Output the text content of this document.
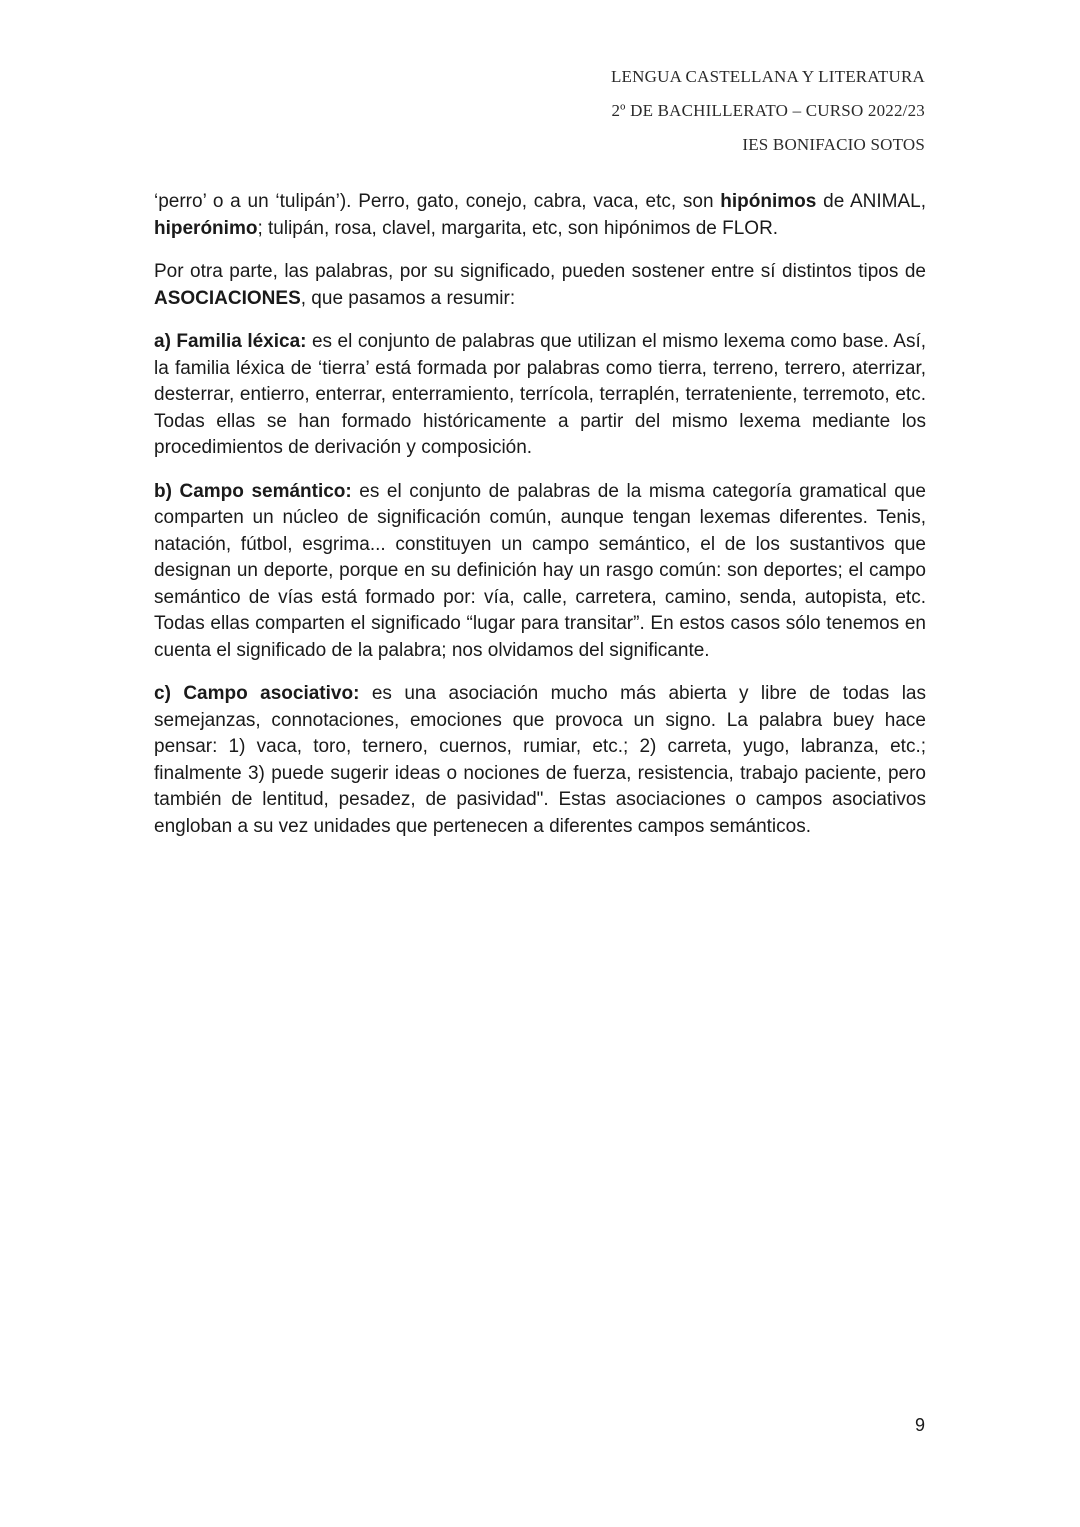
LENGUA CASTELLANA Y LITERATURA
2º DE BACHILLERATO – CURSO 2022/23
IES BONIFACIO SOTOS

‘perro’ o a un ‘tulipán’). Perro, gato, conejo, cabra, vaca, etc, son hipónimos de ANIMAL, hiperónimo; tulipán, rosa, clavel, margarita, etc, son hipónimos de FLOR.

Por otra parte, las palabras, por su significado, pueden sostener entre sí distintos tipos de ASOCIACIONES, que pasamos a resumir:

a) Familia léxica: es el conjunto de palabras que utilizan el mismo lexema como base. Así, la familia léxica de ‘tierra’ está formada por palabras como tierra, terreno, terrero, aterrizar, desterrar, entierro, enterrar, enterramiento, terrícola, terraplén, terrateniente, terremoto, etc. Todas ellas se han formado históricamente a partir del mismo lexema mediante los procedimientos de derivación y composición.

b) Campo semántico: es el conjunto de palabras de la misma categoría gramatical que comparten un núcleo de significación común, aunque tengan lexemas diferentes. Tenis, natación, fútbol, esgrima... constituyen un campo semántico, el de los sustantivos que designan un deporte, porque en su definición hay un rasgo común: son deportes; el campo semántico de vías está formado por: vía, calle, carretera, camino, senda, autopista, etc. Todas ellas comparten el significado “lugar para transitar”. En estos casos sólo tenemos en cuenta el significado de la palabra; nos olvidamos del significante.

c) Campo asociativo: es una asociación mucho más abierta y libre de todas las semejanzas, connotaciones, emociones que provoca un signo. La palabra buey hace pensar: 1) vaca, toro, ternero, cuernos, rumiar, etc.; 2) carreta, yugo, labranza, etc.; finalmente 3) puede sugerir ideas o nociones de fuerza, resistencia, trabajo paciente, pero también de lentitud, pesadez, de pasividad". Estas asociaciones o campos asociativos engloban a su vez unidades que pertenecen a diferentes campos semánticos.

9
